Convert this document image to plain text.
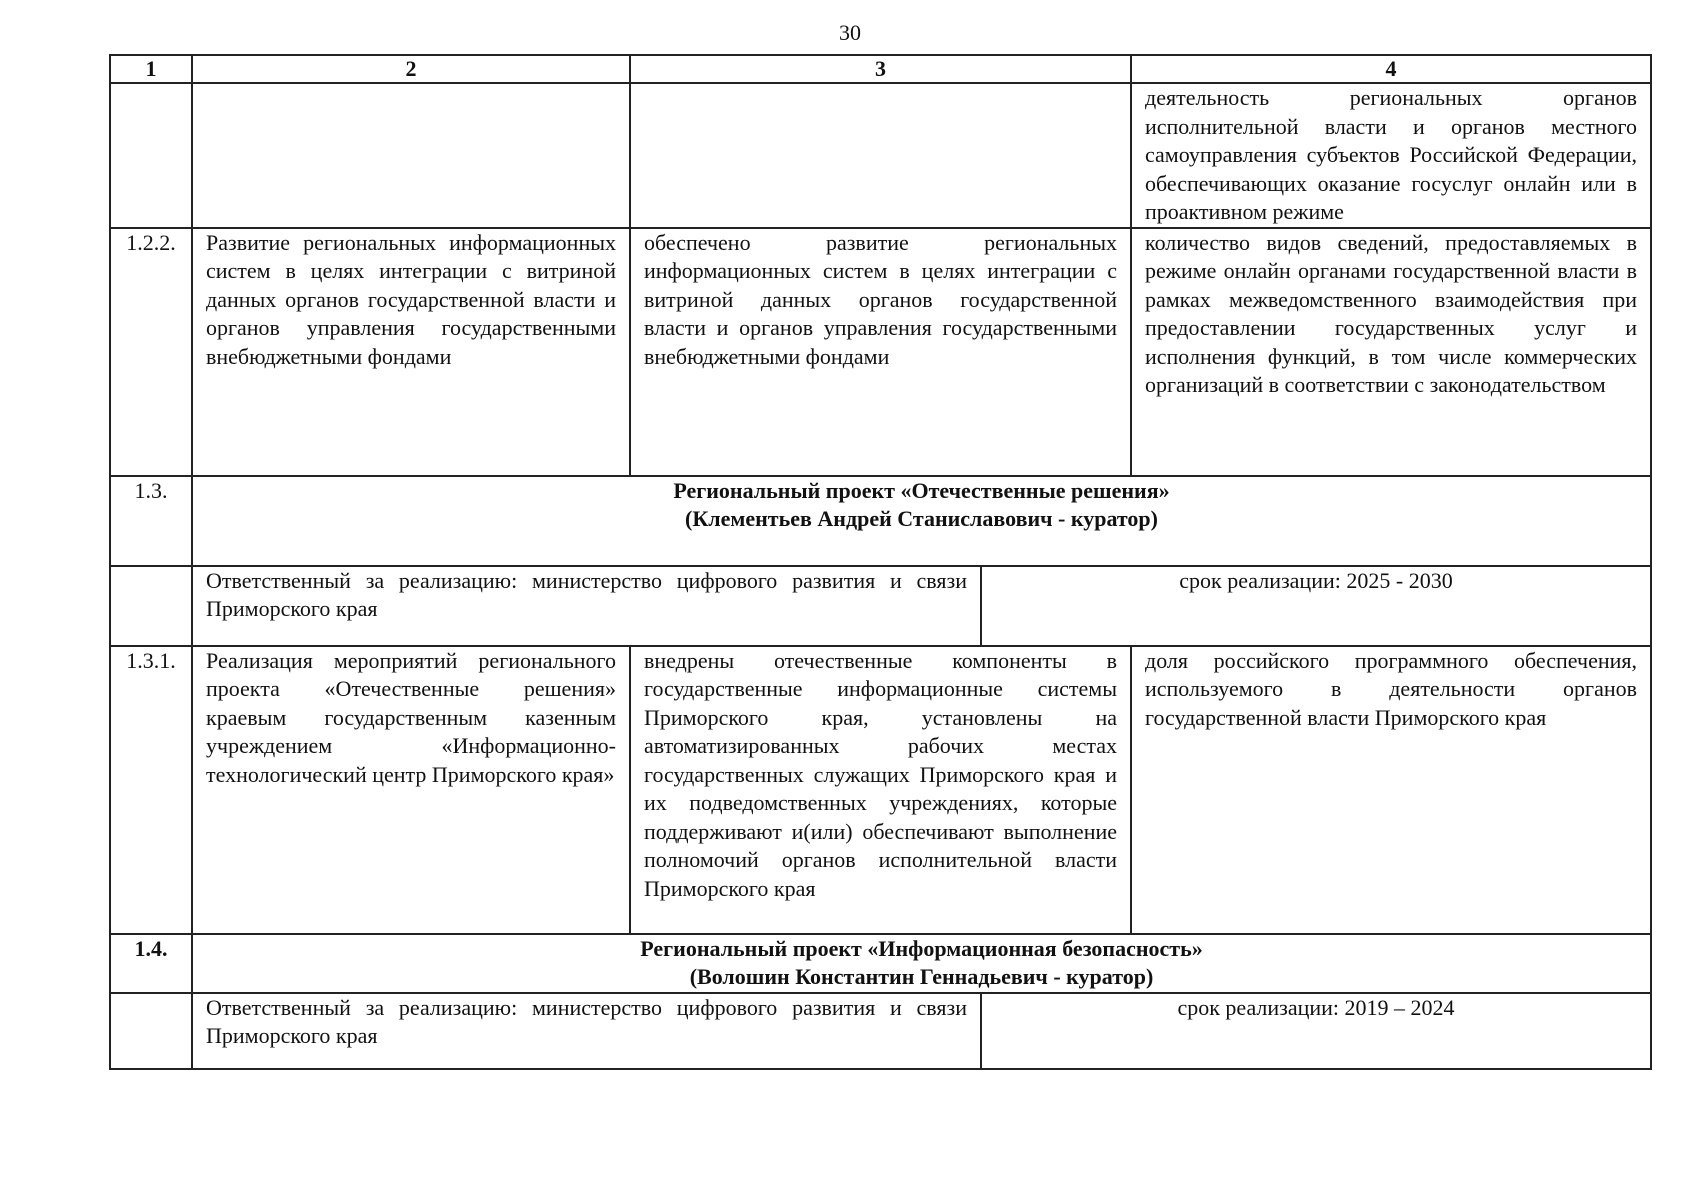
30
1	2	3		4
				деятельность региональных органов исполнительной власти и органов местного самоуправления субъектов Российской Федерации, обеспечивающих оказание госуслуг онлайн или в проактивном режиме
1.2.2.	Развитие региональных информационных систем в целях интеграции с витриной данных органов государственной власти и органов управления государственными внебюджетными фондами	обеспечено развитие региональных информационных систем в целях интеграции с витриной данных органов государственной власти и органов управления государственными внебюджетными фондами		количество видов сведений, предоставляемых в режиме онлайн органами государственной власти в рамках межведомственного взаимодействия при предоставлении государственных услуг и исполнения функций, в том числе коммерческих организаций в соответствии с законодательством
1.3.	Региональный проект «Отечественные решения»
(Клементьев Андрей Станиславович - куратор)			

	Ответственный за реализацию: министерство цифрового развития и связи Приморского края		срок реализации: 2025 - 2030	
1.3.1.	Реализация мероприятий регионального проекта «Отечественные решения» краевым государственным казенным учреждением «Информационно-технологический центр Приморского края»	внедрены отечественные компоненты в государственные информационные системы Приморского края, установлены на автоматизированных рабочих местах государственных служащих Приморского края и их подведомственных учреждениях, которые поддерживают и(или) обеспечивают выполнение полномочий органов исполнительной власти Приморского края		доля российского программного обеспечения, используемого в деятельности органов государственной власти Приморского края
1.4.	Региональный проект «Информационная безопасность»
(Волошин Константин Геннадьевич - куратор)			

	Ответственный за реализацию: министерство цифрового развития и связи Приморского края		срок реализации: 2019 – 2024	
